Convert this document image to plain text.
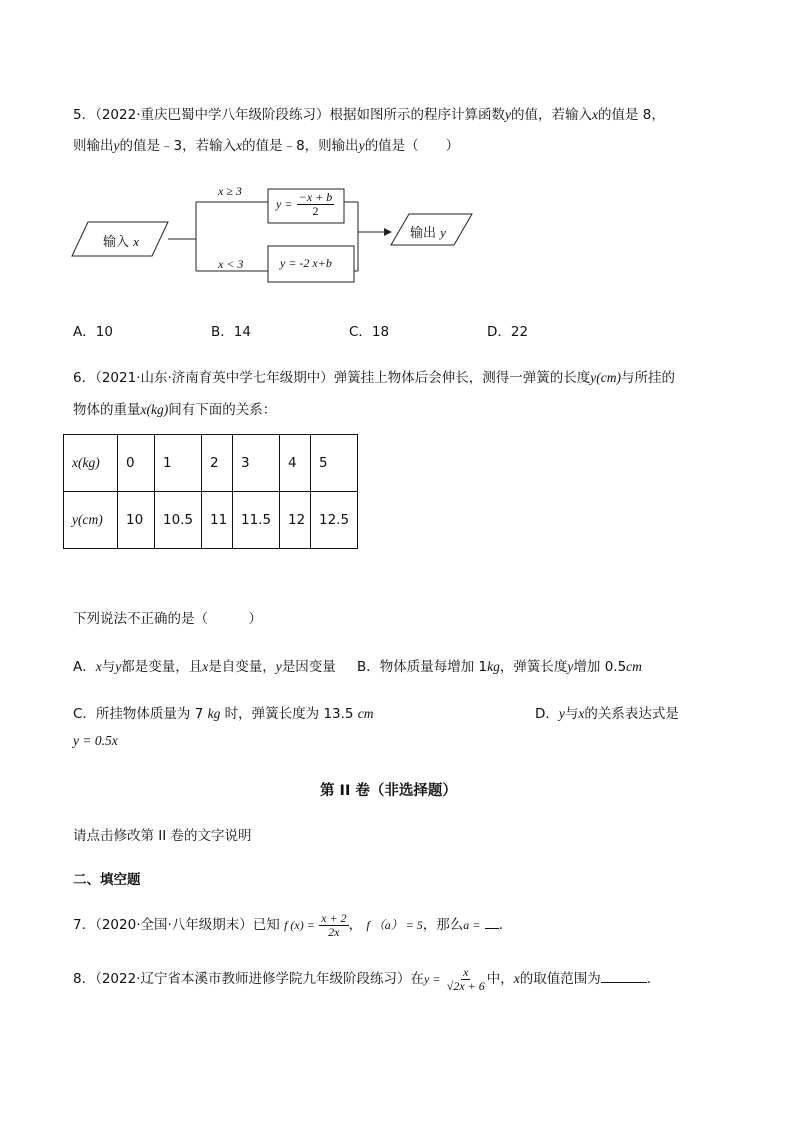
5．（2022·重庆巴蜀中学八年级阶段练习）根据如图所示的程序计算函数y的值，若输入x的值是 8，
则输出y的值是﹣3，若输入x的值是﹣8，则输出y的值是（　　）
输入 x
输出 y
x ≥ 3
x < 3
$y = \frac{-x + b}{2}$
y = -2 x+b
A．10	B．14	C．18	D．22
6．（2021·山东·济南育英中学七年级期中）弹簧挂上物体后会伸长，测得一弹簧的长度y(cm)与所挂的
物体的重量x(kg)间有下面的关系：
x(kg)	0	1	2	3	4	5
y(cm)	10	10.5	11	11.5	12	12.5
下列说法不正确的是（　　　）
A．x与y都是变量，且x是自变量，y是因变量 B．物体质量每增加 1kg，弹簧长度y增加 0.5cm
C．所挂物体质量为 7 kg 时，弹簧长度为 13.5 cm	D．y与x的关系表达式是
y = 0.5x
第 II 卷（非选择题）
请点击修改第 II 卷的文字说明
二、填空题
7．（2020·全国·八年级期末）已知 f $(x) = \frac{x + 2}{2x}$ ， f （a） = 5，那么a = .
8．（2022·辽宁省本溪市教师进修学院九年级阶段练习）在$y = \frac{x}{√2x + 6}$ 中，x的取值范围为	.
